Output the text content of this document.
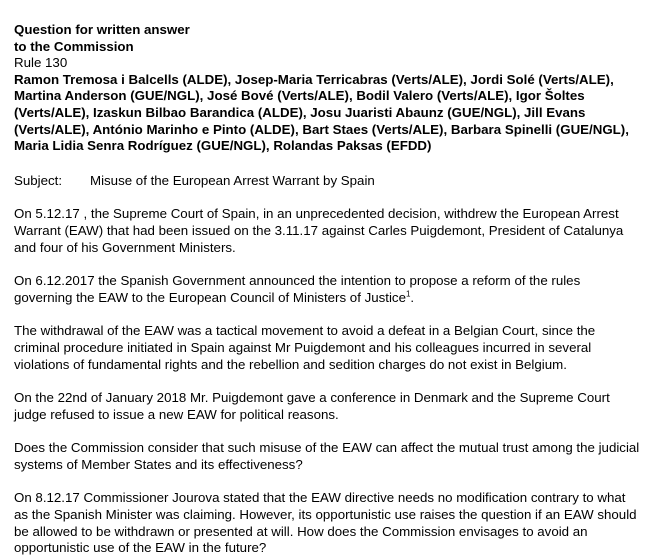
Question for written answer
to the Commission
Rule 130
Ramon Tremosa i Balcells (ALDE), Josep-Maria Terricabras (Verts/ALE), Jordi Solé (Verts/ALE), Martina Anderson (GUE/NGL), José Bové (Verts/ALE), Bodil Valero (Verts/ALE), Igor Šoltes (Verts/ALE), Izaskun Bilbao Barandica (ALDE), Josu Juaristi Abaunz (GUE/NGL), Jill Evans (Verts/ALE), António Marinho e Pinto (ALDE), Bart Staes (Verts/ALE), Barbara Spinelli (GUE/NGL), Maria Lidia Senra Rodríguez (GUE/NGL), Rolandas Paksas (EFDD)
Subject:	Misuse of the European Arrest Warrant by Spain
On 5.12.17 , the Supreme Court of Spain, in an unprecedented decision, withdrew the European Arrest Warrant (EAW) that had been issued on the 3.11.17 against Carles Puigdemont, President of Catalunya and four of his Government Ministers.
On 6.12.2017 the Spanish Government announced the intention to propose a reform of the rules governing the EAW to the European Council of Ministers of Justice$^1$.
The withdrawal of the EAW was a tactical movement to avoid a defeat in a Belgian Court, since the criminal procedure initiated in Spain against Mr Puigdemont and his colleagues incurred in several violations of fundamental rights and the rebellion and sedition charges do not exist in Belgium.
On the 22nd of January 2018 Mr. Puigdemont gave a conference in Denmark and the Supreme Court judge refused to issue a new EAW for political reasons.
Does the Commission consider that such misuse of the EAW can affect the mutual trust among the judicial systems of Member States and its effectiveness?
On 8.12.17 Commissioner Jourova stated that the EAW directive needs no modification contrary to what as the Spanish Minister was claiming. However, its opportunistic use raises the question if an EAW should be allowed to be withdrawn or presented at will. How does the Commission envisages to avoid an opportunistic use of the EAW in the future?
